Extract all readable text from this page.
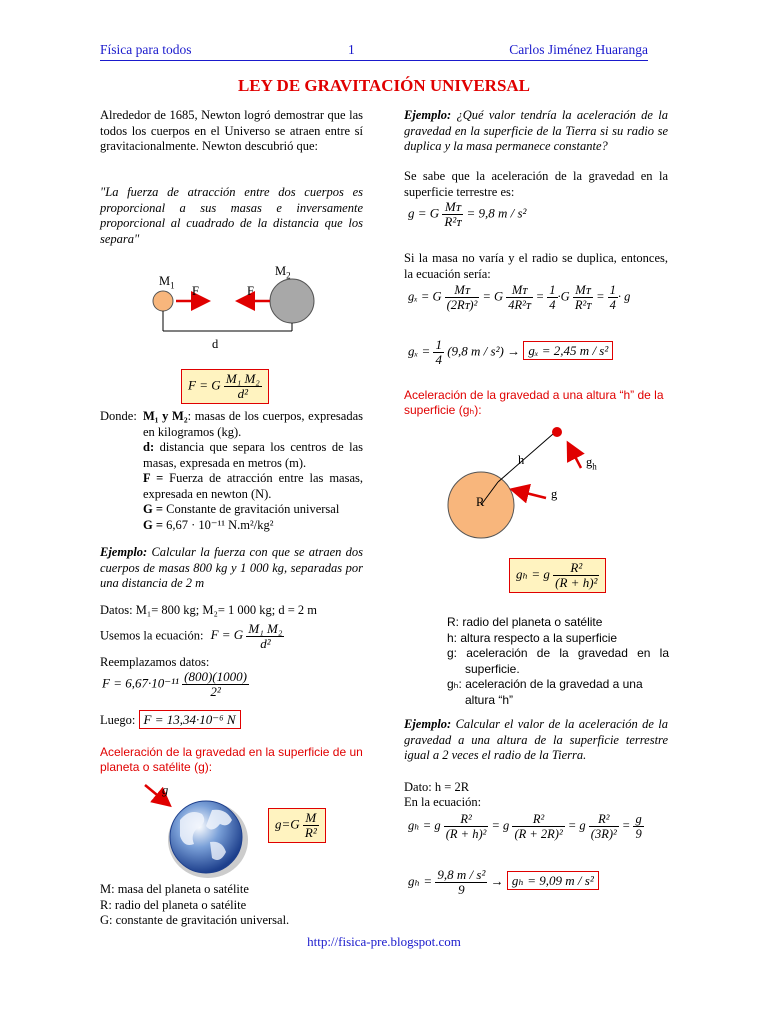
Física para todos	1	Carlos Jiménez Huaranga
LEY DE GRAVITACIÓN UNIVERSAL
Alrededor de 1685, Newton logró demostrar que las todos los cuerpos en el Universo se atraen entre sí gravitacionalmente. Newton descubrió que:
"La fuerza de atracción entre dos cuerpos es proporcional a sus masas e inversamente proporcional al cuadrado de la distancia que los separa"
$M_1$
$M_2$
F	F
d
F = G $\frac{\text{M₁ M₂}}{\text{d²}}$
Donde: M₁ y M₂: masas de los cuerpos, expresadas en kilogramos (kg).
d: distancia que separa los centros de las masas, expresada en metros (m).
F = Fuerza de atracción entre las masas, expresada en newton (N).
G = Constante de gravitación universal
G = 6,67 · 10⁻¹¹ N.m²/kg²
Ejemplo: Calcular la fuerza con que se atraen dos cuerpos de masas 800 kg y 1 000 kg, separadas por una distancia de 2 m
Datos: M₁= 800 kg; M₂= 1 000 kg; d = 2 m
Usemos la ecuación: F = G $\frac{\text{M₁ M₂}}{\text{d²}}$
Reemplazamos datos:
$F = 6,67\cdot 10^{-11} \frac{(800)(1000)}{\text{2²}}$
Luego: F = 13,34·10⁻⁶ N
Aceleración de la gravedad en la superficie de un planeta o satélite (g):
g
$g=G \frac{M}{\text{R²}}$
M: masa del planeta o satélite
R: radio del planeta o satélite
G: constante de gravitación universal.
Ejemplo: ¿Qué valor tendría la aceleración de la gravedad en la superficie de la Tierra si su radio se duplica y la masa permanece constante?
Se sabe que la aceleración de la gravedad en la superficie terrestre es:
g = G $\frac{\text{Mᴛ}}{\text{R²ᴛ}} = 9,8$ m / s²
Si la masa no varía y el radio se duplica, entonces, la ecuación sería:
gₓ = G $\frac{\text{Mᴛ}}{\text{(2Rᴛ)²}} = G \frac{\text{Mᴛ}}{\text{4R²ᴛ}} = \frac{1}{4} \cdot G \frac{\text{Mᴛ}}{\text{R²ᴛ}} = \frac{1}{4} \cdot g$
$g_x = \frac{1}{4} (9,8$ m / s²) → gₓ = 2,45 m / s²
Aceleración de la gravedad a una altura “h” de la superficie (gₕ):
h	$g_h$
g
R
gₕ = g $\frac{\text{R²}}{\text{(R + h)²}}$
R: radio del planeta o satélite
h: altura respecto a la superficie
g: aceleración de la gravedad en la superficie.
gₕ: aceleración de la gravedad a una altura “h”
Ejemplo: Calcular el valor de la aceleración de la gravedad a una altura de la superficie terrestre igual a 2 veces el radio de la Tierra.
Dato: h = 2R
En la ecuación:
gₕ = g $\frac{\text{R²}}{\text{(R + h)²}} = g \frac{\text{R²}}{\text{(R + 2R)²}} = g \frac{\text{R²}}{\text{(3R)²}} = \frac{g}{9}$
$g_h = \frac{\text{9,8 m / s²}}{9} \to g_h = 9,09$ m / s²
http://fisica-pre.blogspot.com
